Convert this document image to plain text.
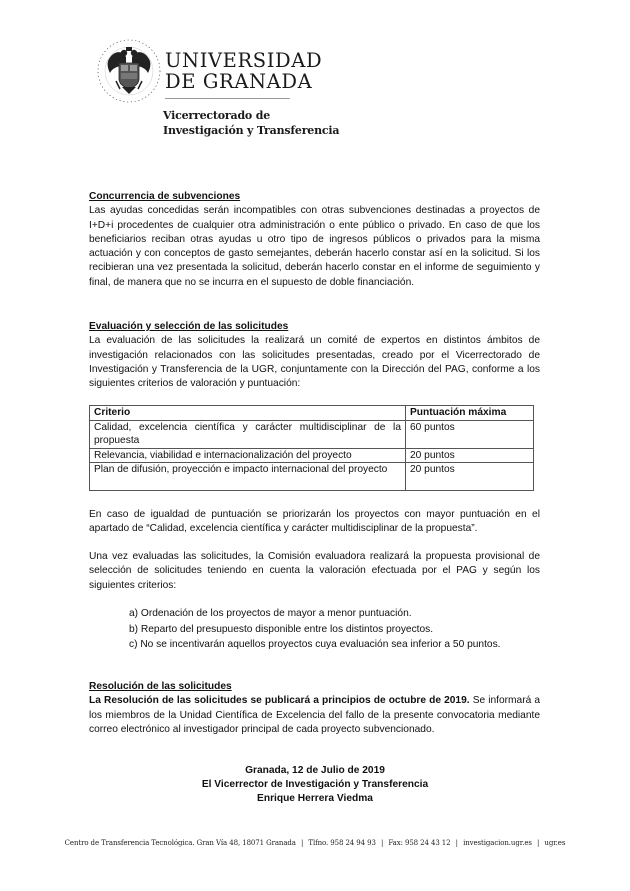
UNIVERSIDAD
DE GRANADA
Vicerrectorado de
Investigación y Transferencia
Concurrencia de subvenciones

Las ayudas concedidas serán incompatibles con otras subvenciones destinadas a proyectos de I+D+i procedentes de cualquier otra administración o ente público o privado. En caso de que los beneficiarios reciban otras ayudas u otro tipo de ingresos públicos o privados para la misma actuación y con conceptos de gasto semejantes, deberán hacerlo constar así en la solicitud. Si los recibieran una vez presentada la solicitud, deberán hacerlo constar en el informe de seguimiento y final, de manera que no se incurra en el supuesto de doble financiación.

Evaluación y selección de las solicitudes

La evaluación de las solicitudes la realizará un comité de expertos en distintos ámbitos de investigación relacionados con las solicitudes presentadas, creado por el Vicerrectorado de Investigación y Transferencia de la UGR, conjuntamente con la Dirección del PAG, conforme a los siguientes criterios de valoración y puntuación:

Criterio	Puntuación máxima
Calidad, excelencia científica y carácter multidisciplinar de la propuesta	60 puntos
Relevancia, viabilidad e internacionalización del proyecto	20 puntos
Plan de difusión, proyección e impacto internacional del proyecto	20 puntos

En caso de igualdad de puntuación se priorizarán los proyectos con mayor puntuación en el apartado de “Calidad, excelencia científica y carácter multidisciplinar de la propuesta”.

Una vez evaluadas las solicitudes, la Comisión evaluadora realizará la propuesta provisional de selección de solicitudes teniendo en cuenta la valoración efectuada por el PAG y según los siguientes criterios:

a) Ordenación de los proyectos de mayor a menor puntuación.
b) Reparto del presupuesto disponible entre los distintos proyectos.
c) No se incentivarán aquellos proyectos cuya evaluación sea inferior a 50 puntos.
Resolución de las solicitudes

La Resolución de las solicitudes se publicará a principios de octubre de 2019. Se informará a los miembros de la Unidad Científica de Excelencia del fallo de la presente convocatoria mediante correo electrónico al investigador principal de cada proyecto subvencionado.

Granada, 12 de Julio de 2019
El Vicerrector de Investigación y Transferencia
Enrique Herrera Viedma
Centro de Transferencia Tecnológica. Gran Vía 48, 18071 Granada | Tlfno. 958 24 94 93 | Fax: 958 24 43 12 | investigacion.ugr.es | ugr.es
